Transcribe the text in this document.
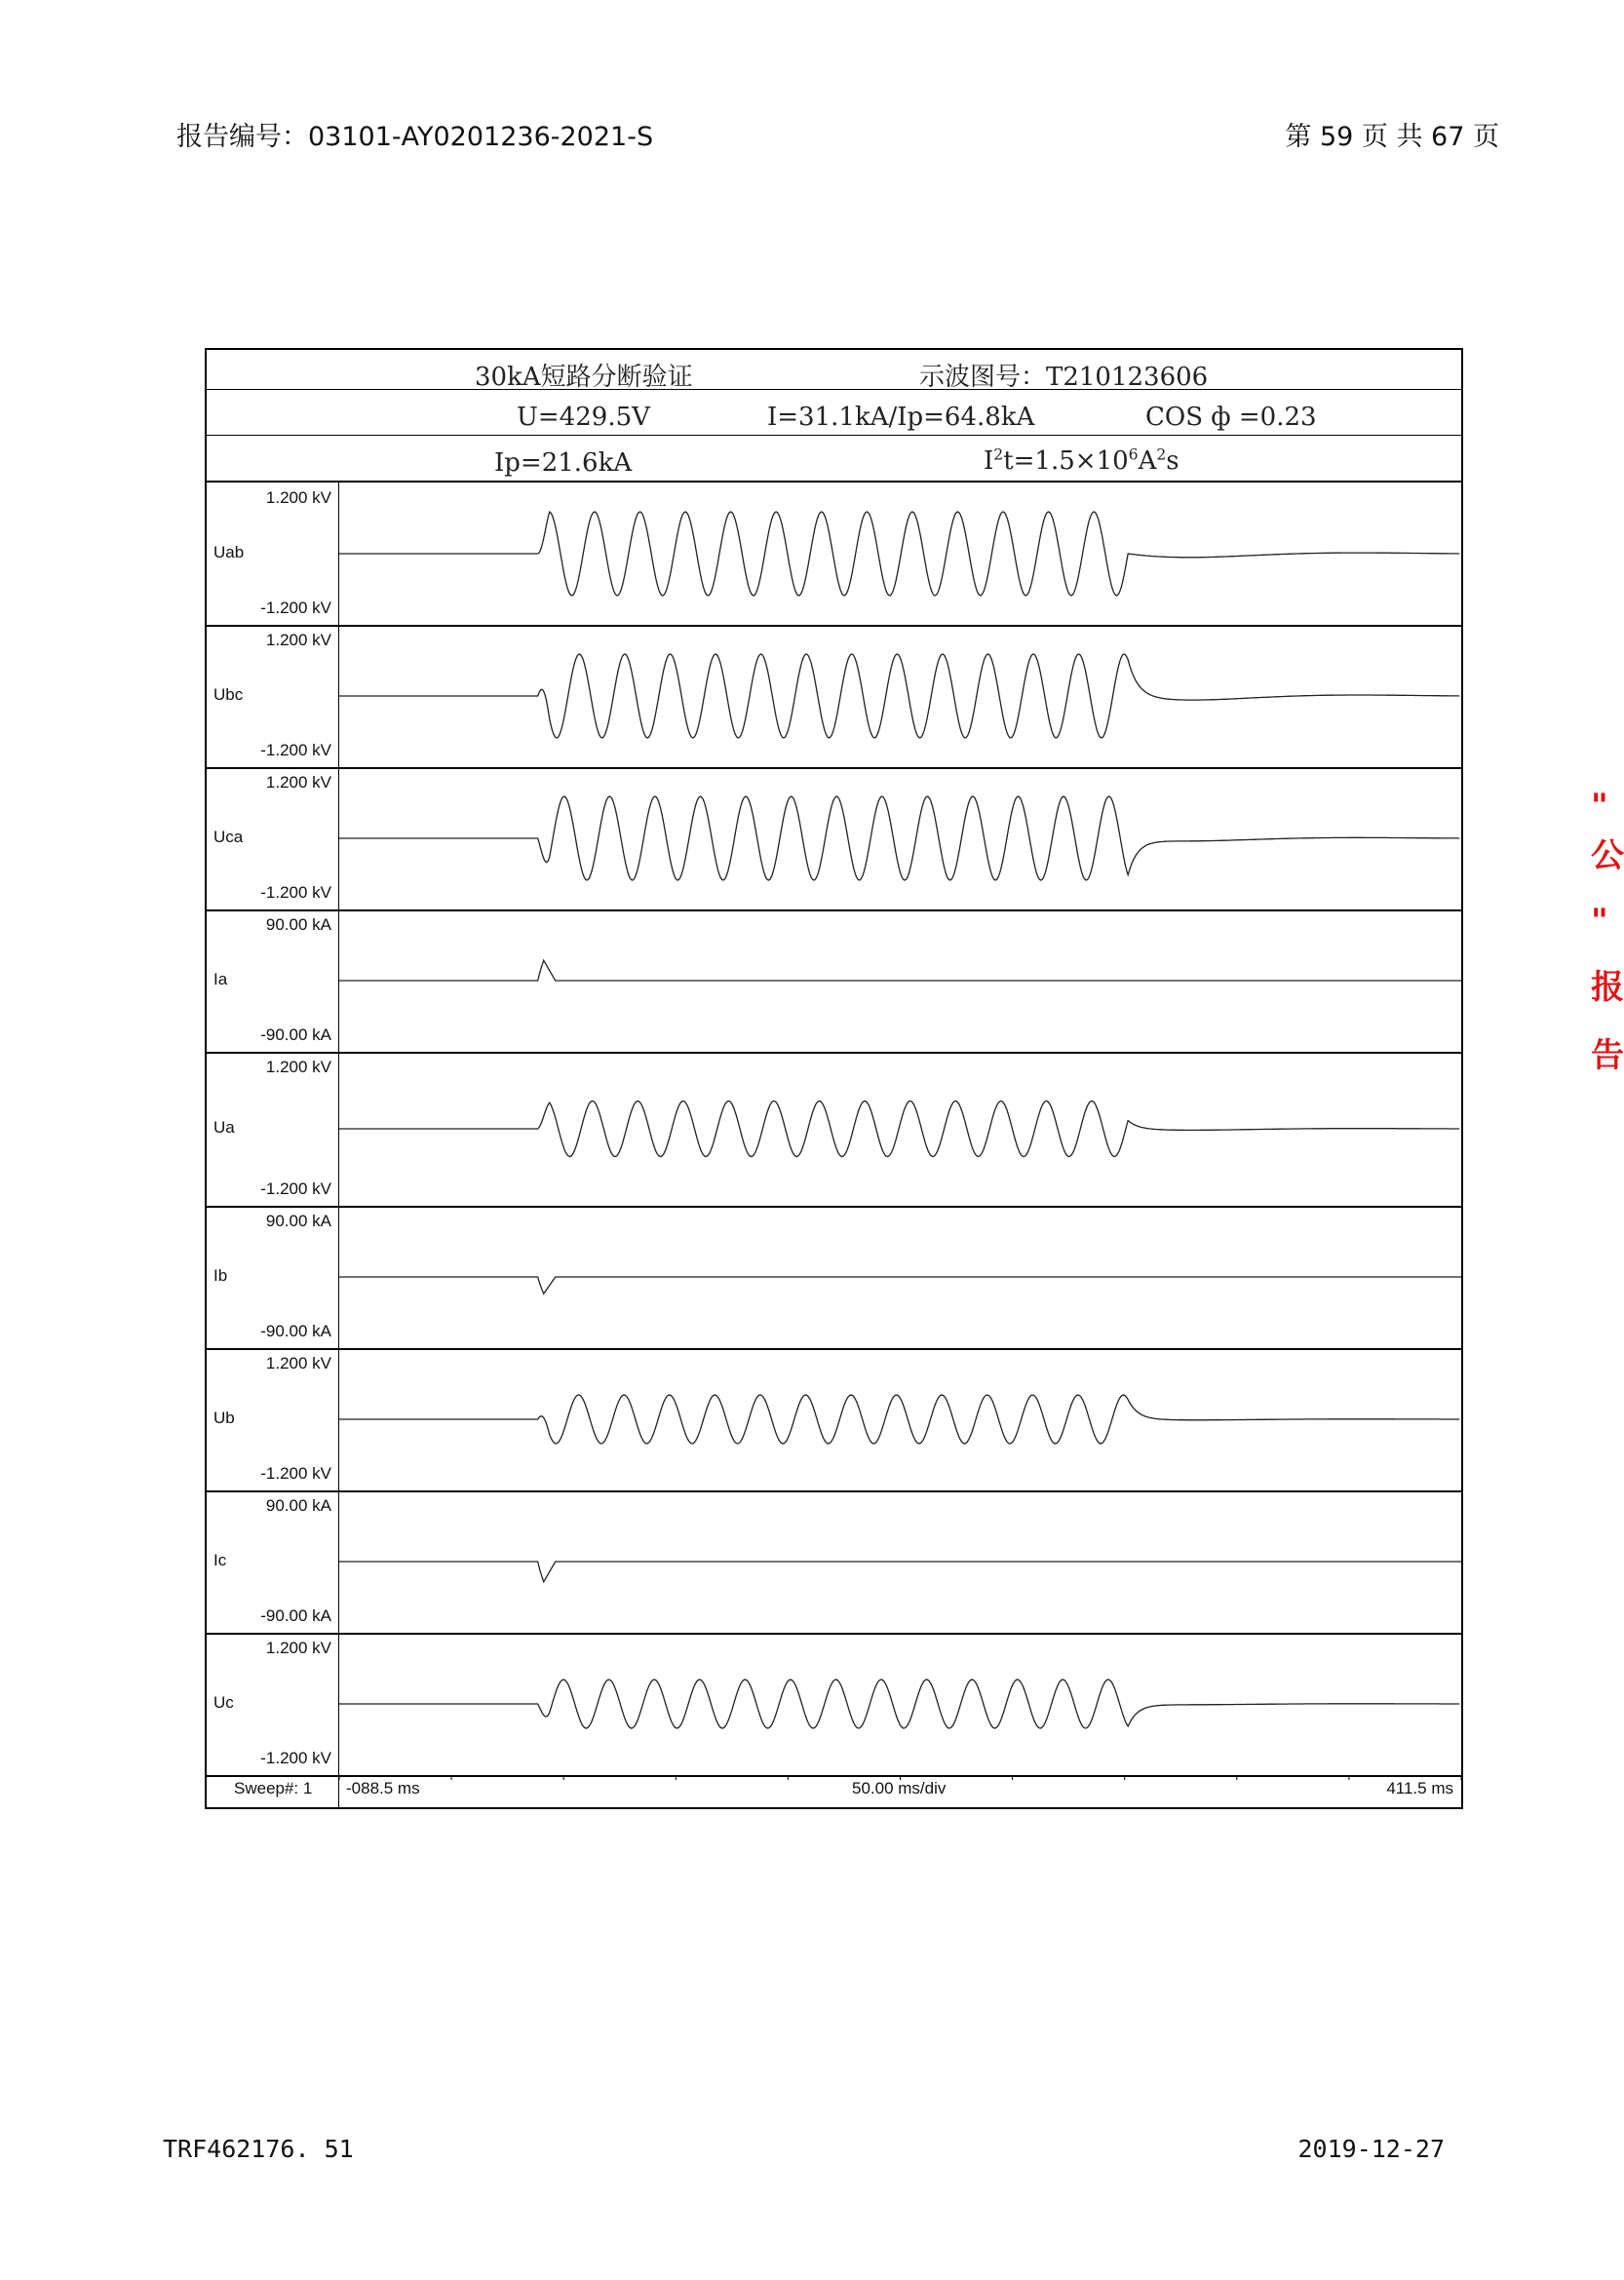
报告编号：03101-AY0201236-2021-S	第 59 页 共 67 页
30kA短路分断验证	示波图号：T210123606
U=429.5V	I=31.1kA/Ip=64.8kA	COS ф =0.23
Ip=21.6kA	$I^2t=1.5\times 10^6A^2s$
1.200 kV
Uab
-1.200 kV
1.200 kV
Ubc
-1.200 kV
1.200 kV
Uca
-1.200 kV
90.00 kA
Ia
-90.00 kA
1.200 kV
Ua
-1.200 kV
90.00 kA
Ib
-90.00 kA
1.200 kV
Ub
-1.200 kV
90.00 kA
Ic
-90.00 kA
1.200 kV
Uc
-1.200 kV
Sweep#: 1 -088.5 ms	50.00 ms/div	411.5 ms
"
公
"
报
告
TRF462176. 51	2019-12-27
